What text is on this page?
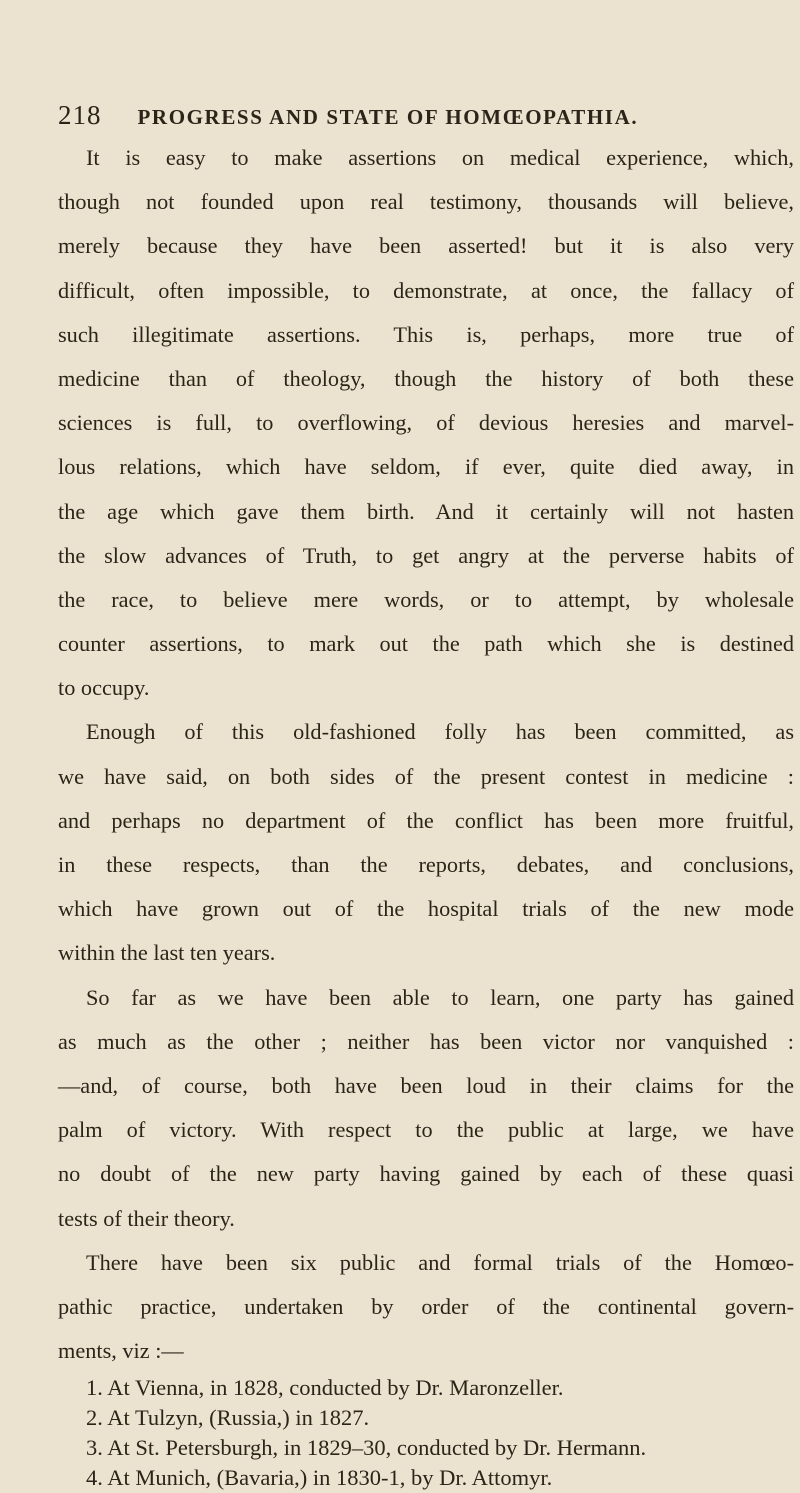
218 PROGRESS AND STATE OF HOMŒOPATHIA.
It is easy to make assertions on medical experience, which,
though not founded upon real testimony, thousands will believe,
merely because they have been asserted! but it is also very
difficult, often impossible, to demonstrate, at once, the fallacy of
such illegitimate assertions. This is, perhaps, more true of
medicine than of theology, though the history of both these
sciences is full, to overflowing, of devious heresies and marvel-
lous relations, which have seldom, if ever, quite died away, in
the age which gave them birth. And it certainly will not hasten
the slow advances of Truth, to get angry at the perverse habits of
the race, to believe mere words, or to attempt, by wholesale
counter assertions, to mark out the path which she is destined
to occupy.
Enough of this old-fashioned folly has been committed, as
we have said, on both sides of the present contest in medicine :
and perhaps no department of the conflict has been more fruitful,
in these respects, than the reports, debates, and conclusions,
which have grown out of the hospital trials of the new mode
within the last ten years.
So far as we have been able to learn, one party has gained
as much as the other ; neither has been victor nor vanquished :
—and, of course, both have been loud in their claims for the
palm of victory. With respect to the public at large, we have
no doubt of the new party having gained by each of these quasi
tests of their theory.
There have been six public and formal trials of the Homœo-
pathic practice, undertaken by order of the continental govern-
ments, viz :—
1. At Vienna, in 1828, conducted by Dr. Maronzeller.
2. At Tulzyn, (Russia,) in 1827.
3. At St. Petersburgh, in 1829–30, conducted by Dr. Hermann.
4. At Munich, (Bavaria,) in 1830-1, by Dr. Attomyr.
